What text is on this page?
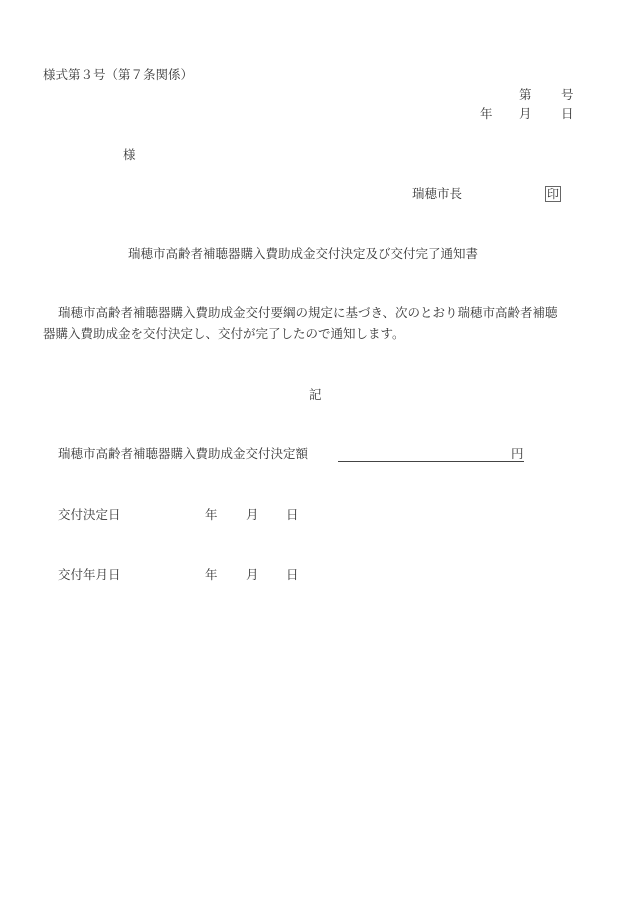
様式第３号（第７条関係）
第 号
年 月 日
様
瑞穂市長	印
瑞穂市高齢者補聴器購入費助成金交付決定及び交付完了通知書
瑞穂市高齢者補聴器購入費助成金交付要綱の規定に基づき、次のとおり瑞穂市高齢者補聴
器購入費助成金を交付決定し、交付が完了したので通知します。
記
瑞穂市高齢者補聴器購入費助成金交付決定額	円
交付決定日	年 月 日
交付年月日	年 月 日
